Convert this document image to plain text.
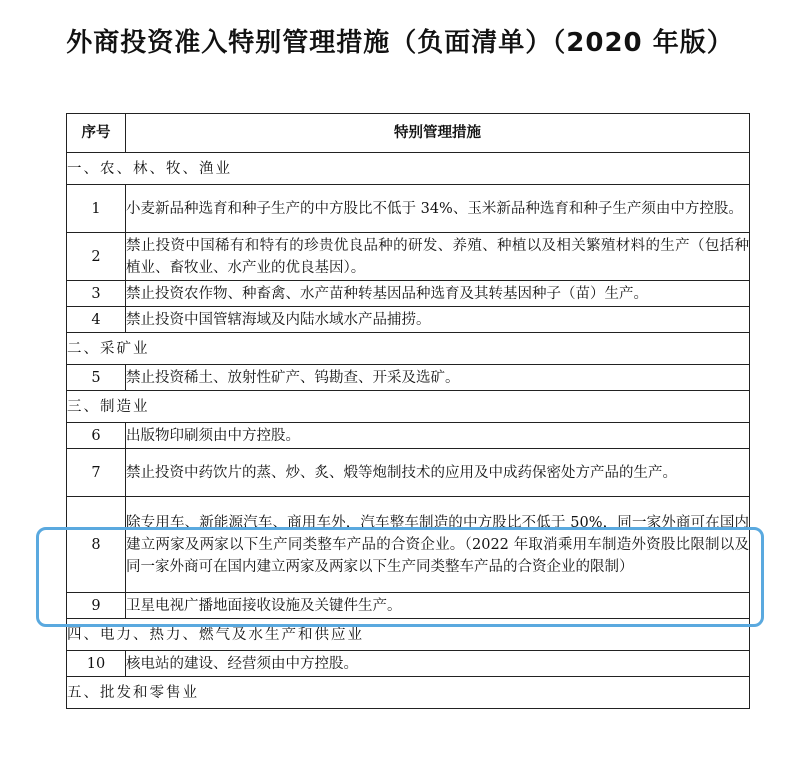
外商投资准入特别管理措施（负面清单）（2020 年版）
序号	特别管理措施
一、农、林、牧、渔业	
1	小麦新品种选育和种子生产的中方股比不低于 34%、玉米新品种选育和种子生产须由中方控股。
2	禁止投资中国稀有和特有的珍贵优良品种的研发、养殖、种植以及相关繁殖材料的生产（包括种植业、畜牧业、水产业的优良基因）。
3	禁止投资农作物、种畜禽、水产苗种转基因品种选育及其转基因种子（苗）生产。
4	禁止投资中国管辖海域及内陆水域水产品捕捞。
二、采矿业	
5	禁止投资稀土、放射性矿产、钨勘查、开采及选矿。
三、制造业	
6	出版物印刷须由中方控股。
7	禁止投资中药饮片的蒸、炒、炙、煅等炮制技术的应用及中成药保密处方产品的生产。
8	除专用车、新能源汽车、商用车外，汽车整车制造的中方股比不低于 50%，同一家外商可在国内建立两家及两家以下生产同类整车产品的合资企业。（2022 年取消乘用车制造外资股比限制以及同一家外商可在国内建立两家及两家以下生产同类整车产品的合资企业的限制）
9	卫星电视广播地面接收设施及关键件生产。
四、电力、热力、燃气及水生产和供应业	
10	核电站的建设、经营须由中方控股。
五、批发和零售业	
